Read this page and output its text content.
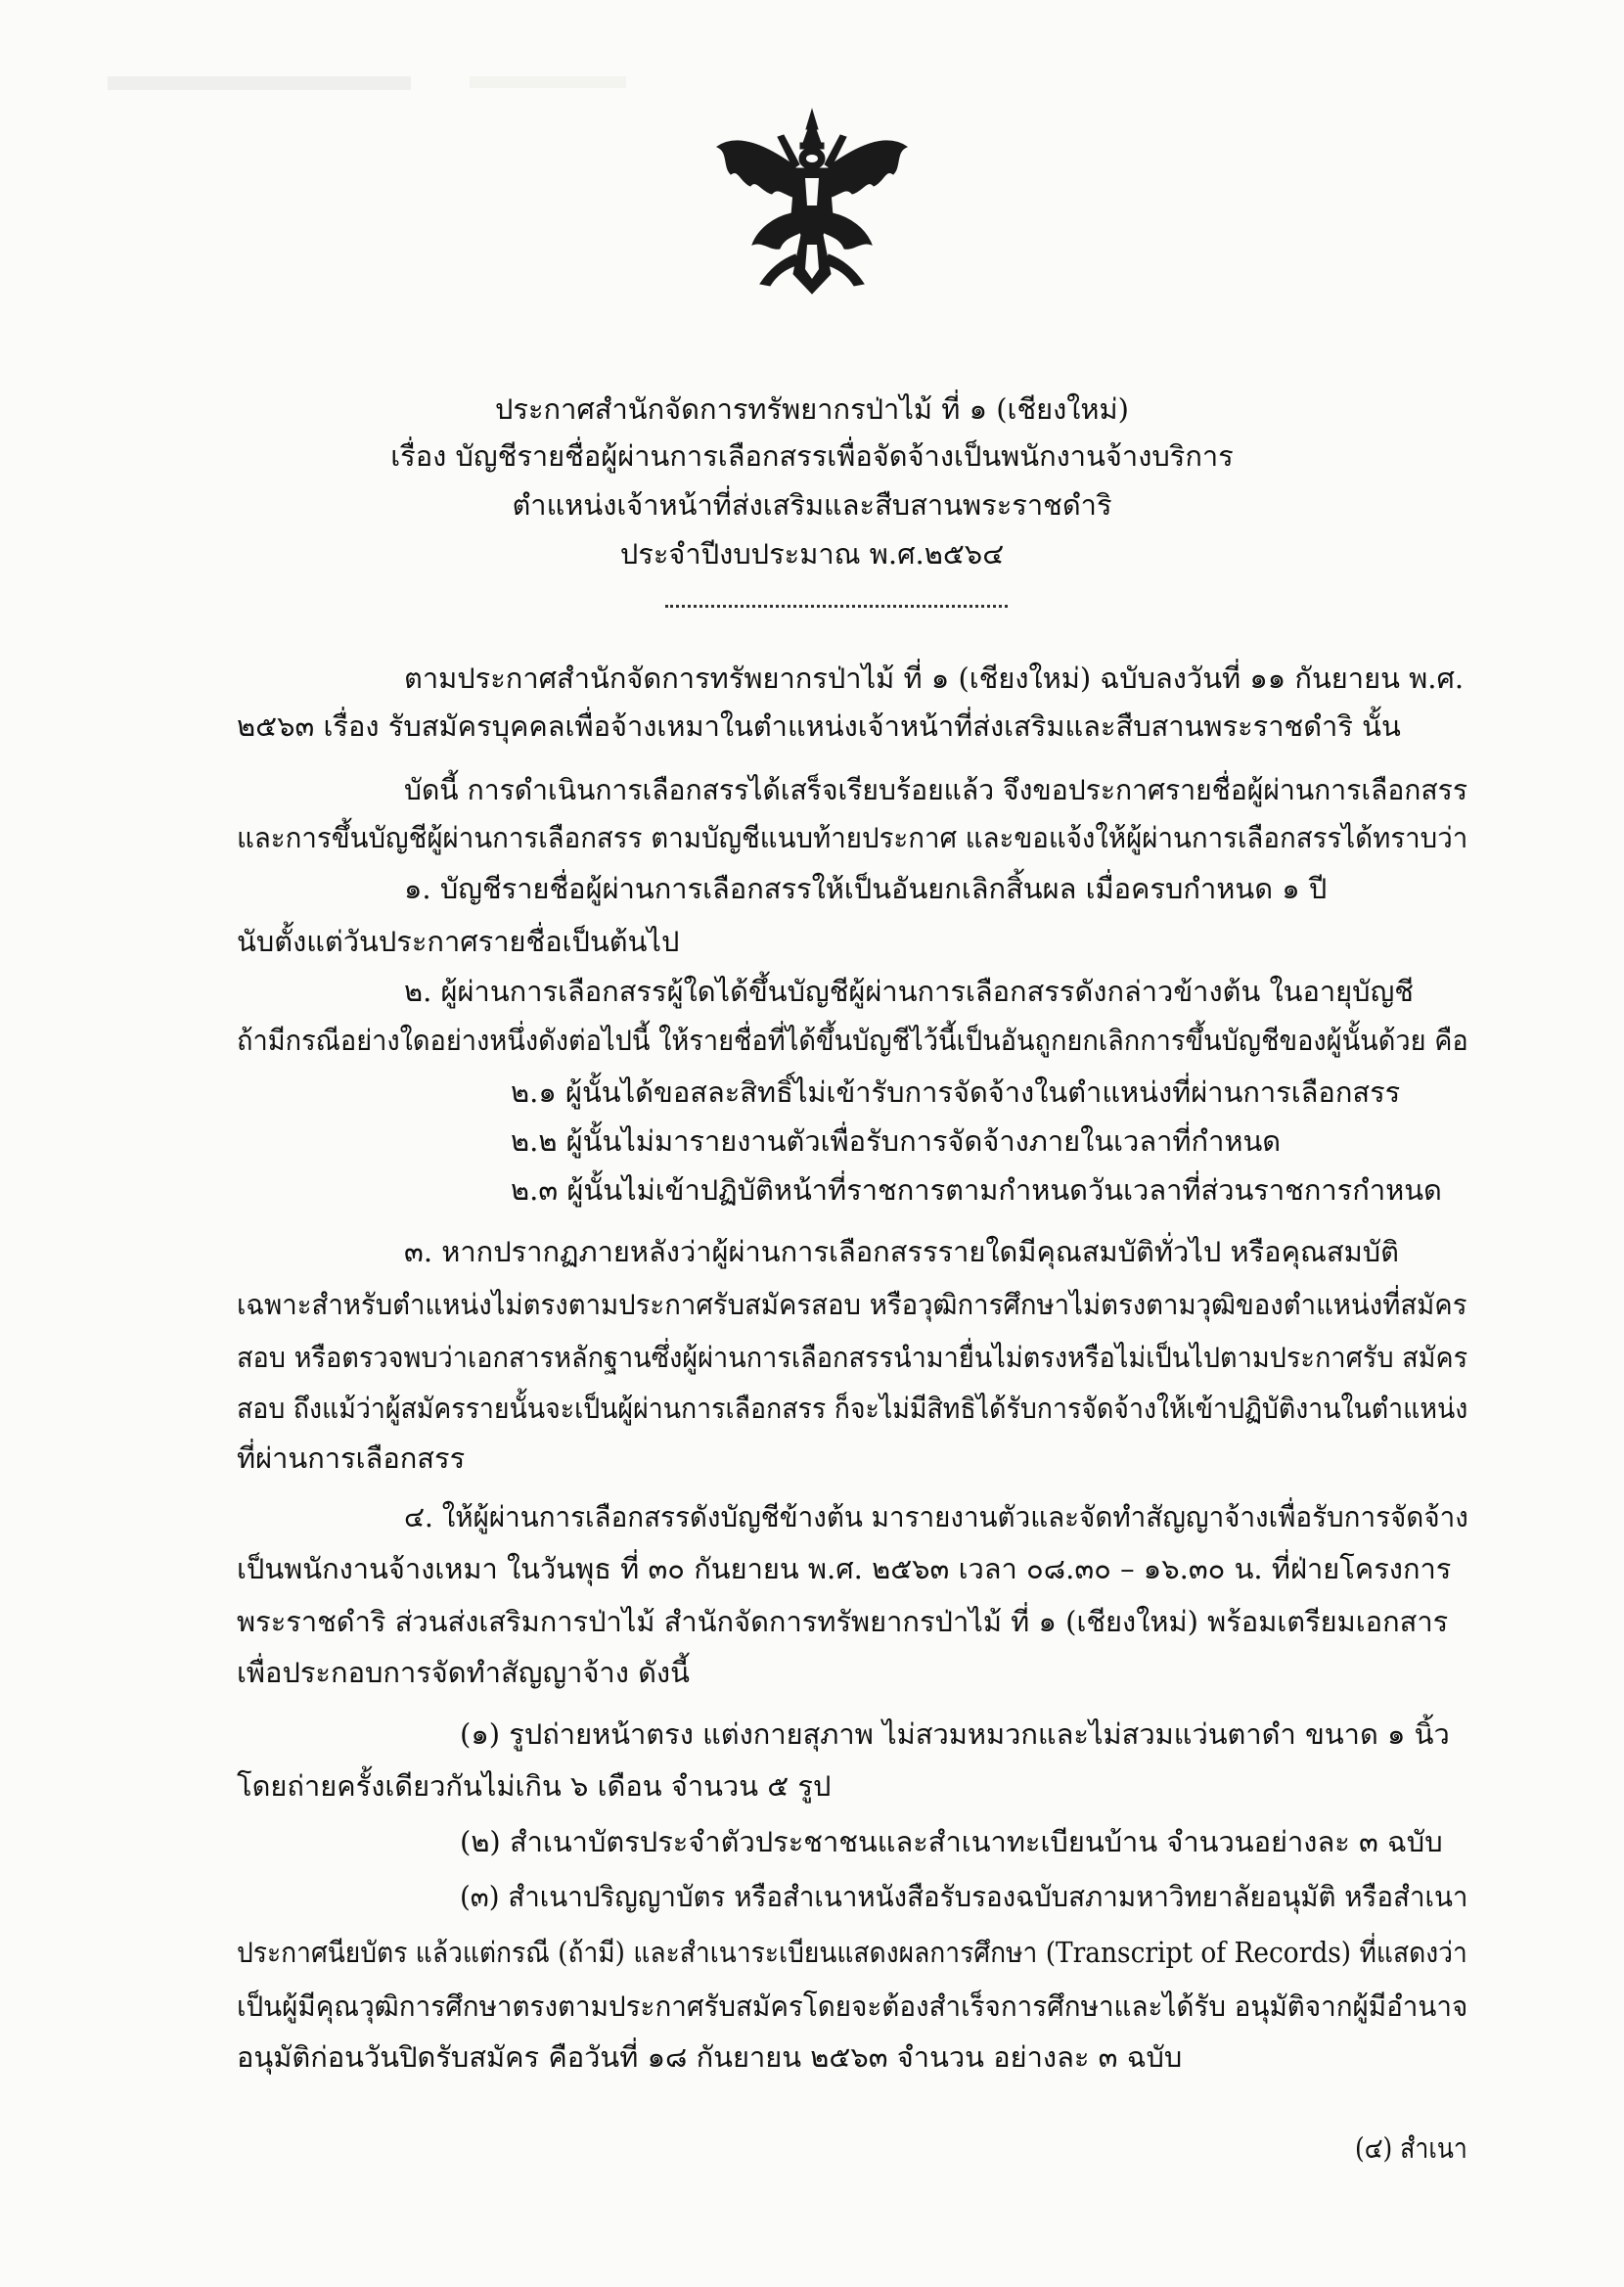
ประกาศสำนักจัดการทรัพยากรป่าไม้ ที่ ๑ (เชียงใหม่)
เรื่อง บัญชีรายชื่อผู้ผ่านการเลือกสรรเพื่อจัดจ้างเป็นพนักงานจ้างบริการ
ตำแหน่งเจ้าหน้าที่ส่งเสริมและสืบสานพระราชดำริ
ประจำปีงบประมาณ พ.ศ.๒๕๖๔
ตามประกาศสำนักจัดการทรัพยากรป่าไม้ ที่ ๑ (เชียงใหม่) ฉบับลงวันที่ ๑๑ กันยายน พ.ศ.
๒๕๖๓ เรื่อง รับสมัครบุคคลเพื่อจ้างเหมาในตำแหน่งเจ้าหน้าที่ส่งเสริมและสืบสานพระราชดำริ นั้น
บัดนี้ การดำเนินการเลือกสรรได้เสร็จเรียบร้อยแล้ว จึงขอประกาศรายชื่อผู้ผ่านการเลือกสรร
และการขึ้นบัญชีผู้ผ่านการเลือกสรร ตามบัญชีแนบท้ายประกาศ และขอแจ้งให้ผู้ผ่านการเลือกสรรได้ทราบว่า
๑. บัญชีรายชื่อผู้ผ่านการเลือกสรรให้เป็นอันยกเลิกสิ้นผล เมื่อครบกำหนด ๑ ปี
นับตั้งแต่วันประกาศรายชื่อเป็นต้นไป
๒. ผู้ผ่านการเลือกสรรผู้ใดได้ขึ้นบัญชีผู้ผ่านการเลือกสรรดังกล่าวข้างต้น ในอายุบัญชี
ถ้ามีกรณีอย่างใดอย่างหนึ่งดังต่อไปนี้ ให้รายชื่อที่ได้ขึ้นบัญชีไว้นี้เป็นอันถูกยกเลิกการขึ้นบัญชีของผู้นั้นด้วย คือ
๒.๑ ผู้นั้นได้ขอสละสิทธิ์ไม่เข้ารับการจัดจ้างในตำแหน่งที่ผ่านการเลือกสรร
๒.๒ ผู้นั้นไม่มารายงานตัวเพื่อรับการจัดจ้างภายในเวลาที่กำหนด
๒.๓ ผู้นั้นไม่เข้าปฏิบัติหน้าที่ราชการตามกำหนดวันเวลาที่ส่วนราชการกำหนด
๓. หากปรากฏภายหลังว่าผู้ผ่านการเลือกสรรรายใดมีคุณสมบัติทั่วไป หรือคุณสมบัติ
เฉพาะสำหรับตำแหน่งไม่ตรงตามประกาศรับสมัครสอบ หรือวุฒิการศึกษาไม่ตรงตามวุฒิของตำแหน่งที่สมัคร
สอบ หรือตรวจพบว่าเอกสารหลักฐานซึ่งผู้ผ่านการเลือกสรรนำมายื่นไม่ตรงหรือไม่เป็นไปตามประกาศรับ สมัคร
สอบ ถึงแม้ว่าผู้สมัครรายนั้นจะเป็นผู้ผ่านการเลือกสรร ก็จะไม่มีสิทธิได้รับการจัดจ้างให้เข้าปฏิบัติงานในตำแหน่ง
ที่ผ่านการเลือกสรร
๔. ให้ผู้ผ่านการเลือกสรรดังบัญชีข้างต้น มารายงานตัวและจัดทำสัญญาจ้างเพื่อรับการจัดจ้าง
เป็นพนักงานจ้างเหมา ในวันพุธ ที่ ๓๐ กันยายน พ.ศ. ๒๕๖๓ เวลา ๐๘.๓๐ – ๑๖.๓๐ น. ที่ฝ่ายโครงการ
พระราชดำริ ส่วนส่งเสริมการป่าไม้ สำนักจัดการทรัพยากรป่าไม้ ที่ ๑ (เชียงใหม่) พร้อมเตรียมเอกสาร
เพื่อประกอบการจัดทำสัญญาจ้าง ดังนี้
(๑) รูปถ่ายหน้าตรง แต่งกายสุภาพ ไม่สวมหมวกและไม่สวมแว่นตาดำ ขนาด ๑ นิ้ว
โดยถ่ายครั้งเดียวกันไม่เกิน ๖ เดือน จำนวน ๕ รูป
(๒) สำเนาบัตรประจำตัวประชาชนและสำเนาทะเบียนบ้าน จำนวนอย่างละ ๓ ฉบับ
(๓) สำเนาปริญญาบัตร หรือสำเนาหนังสือรับรองฉบับสภามหาวิทยาลัยอนุมัติ หรือสำเนา
ประกาศนียบัตร แล้วแต่กรณี (ถ้ามี) และสำเนาระเบียนแสดงผลการศึกษา (Transcript of Records) ที่แสดงว่า
เป็นผู้มีคุณวุฒิการศึกษาตรงตามประกาศรับสมัครโดยจะต้องสำเร็จการศึกษาและได้รับ อนุมัติจากผู้มีอำนาจ
อนุมัติก่อนวันปิดรับสมัคร คือวันที่ ๑๘ กันยายน ๒๕๖๓ จำนวน อย่างละ ๓ ฉบับ
(๔) สำเนา
